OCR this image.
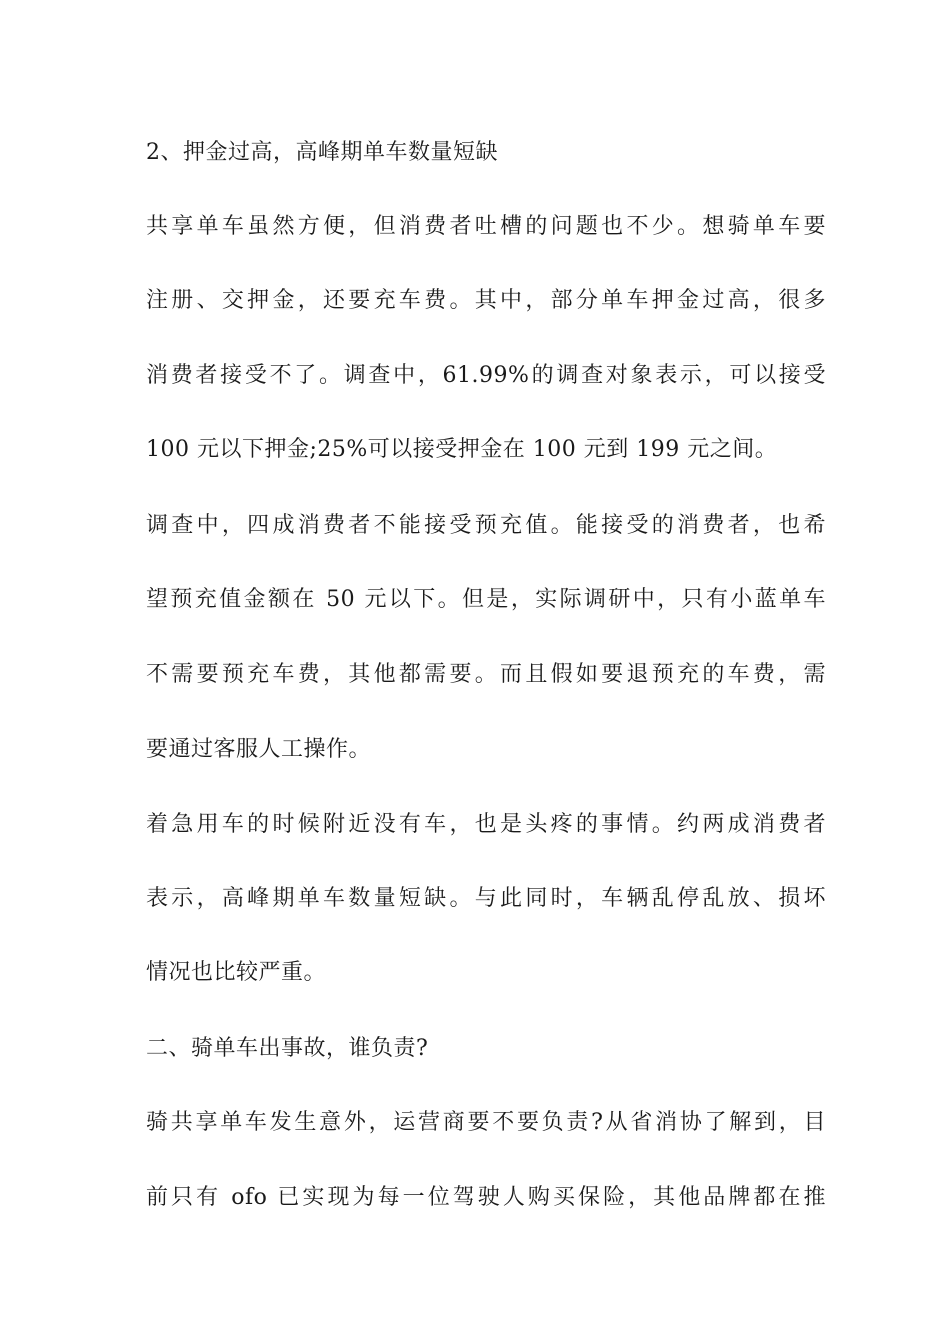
2、押金过高，高峰期单车数量短缺
共享单车虽然方便，但消费者吐槽的问题也不少。想骑单车要
注册、交押金，还要充车费。其中，部分单车押金过高，很多
消费者接受不了。调查中，61.99%的调查对象表示，可以接受
100 元以下押金;25%可以接受押金在 100 元到 199 元之间。
调查中，四成消费者不能接受预充值。能接受的消费者，也希
望预充值金额在 50 元以下。但是，实际调研中，只有小蓝单车
不需要预充车费，其他都需要。而且假如要退预充的车费，需
要通过客服人工操作。
着急用车的时候附近没有车，也是头疼的事情。约两成消费者
表示，高峰期单车数量短缺。与此同时，车辆乱停乱放、损坏
情况也比较严重。
二、骑单车出事故，谁负责?
骑共享单车发生意外，运营商要不要负责?从省消协了解到，目
前只有 ofo 已实现为每一位驾驶人购买保险，其他品牌都在推
